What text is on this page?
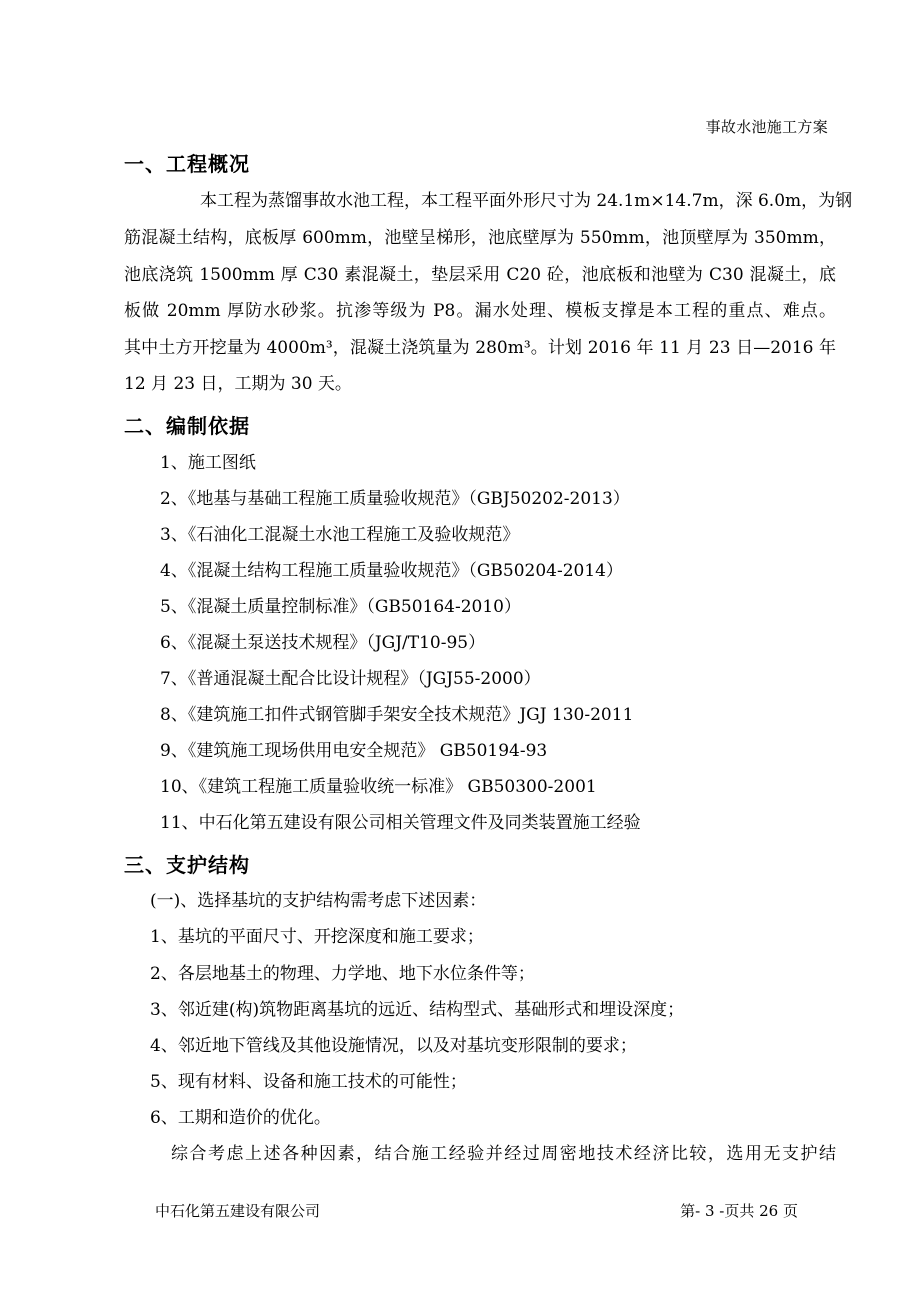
事故水池施工方案
一、工程概况
本工程为蒸馏事故水池工程，本工程平面外形尺寸为 24.1m×14.7m，深 6.0m，为钢
筋混凝土结构，底板厚 600mm，池壁呈梯形，池底壁厚为 550mm，池顶壁厚为 350mm，
池底浇筑 1500mm 厚 C30 素混凝土，垫层采用 C20 砼，池底板和池壁为 C30 混凝土，底
板做 20mm 厚防水砂浆。抗渗等级为 P8。漏水处理、模板支撑是本工程的重点、难点。
其中土方开挖量为 4000m³，混凝土浇筑量为 280m³。计划 2016 年 11 月 23 日—2016 年
12 月 23 日，工期为 30 天。
二、编制依据
1、施工图纸
2、《地基与基础工程施工质量验收规范》（GBJ50202-2013）
3、《石油化工混凝土水池工程施工及验收规范》
4、《混凝土结构工程施工质量验收规范》（GB50204-2014）
5、《混凝土质量控制标准》（GB50164-2010）
6、《混凝土泵送技术规程》（JGJ/T10-95）
7、《普通混凝土配合比设计规程》（JGJ55-2000）
8、《建筑施工扣件式钢管脚手架安全技术规范》JGJ 130-2011
9、《建筑施工现场供用电安全规范》 GB50194-93
10、《建筑工程施工质量验收统一标准》 GB50300-2001
11、中石化第五建设有限公司相关管理文件及同类装置施工经验
三、支护结构
(一)、选择基坑的支护结构需考虑下述因素：
1、基坑的平面尺寸、开挖深度和施工要求；
2、各层地基土的物理、力学地、地下水位条件等；
3、邻近建(构)筑物距离基坑的远近、结构型式、基础形式和埋设深度；
4、邻近地下管线及其他设施情况，以及对基坑变形限制的要求；
5、现有材料、设备和施工技术的可能性；
6、工期和造价的优化。
综合考虑上述各种因素，结合施工经验并经过周密地技术经济比较，选用无支护结
中石化第五建设有限公司	第- 3 -页共 26 页
